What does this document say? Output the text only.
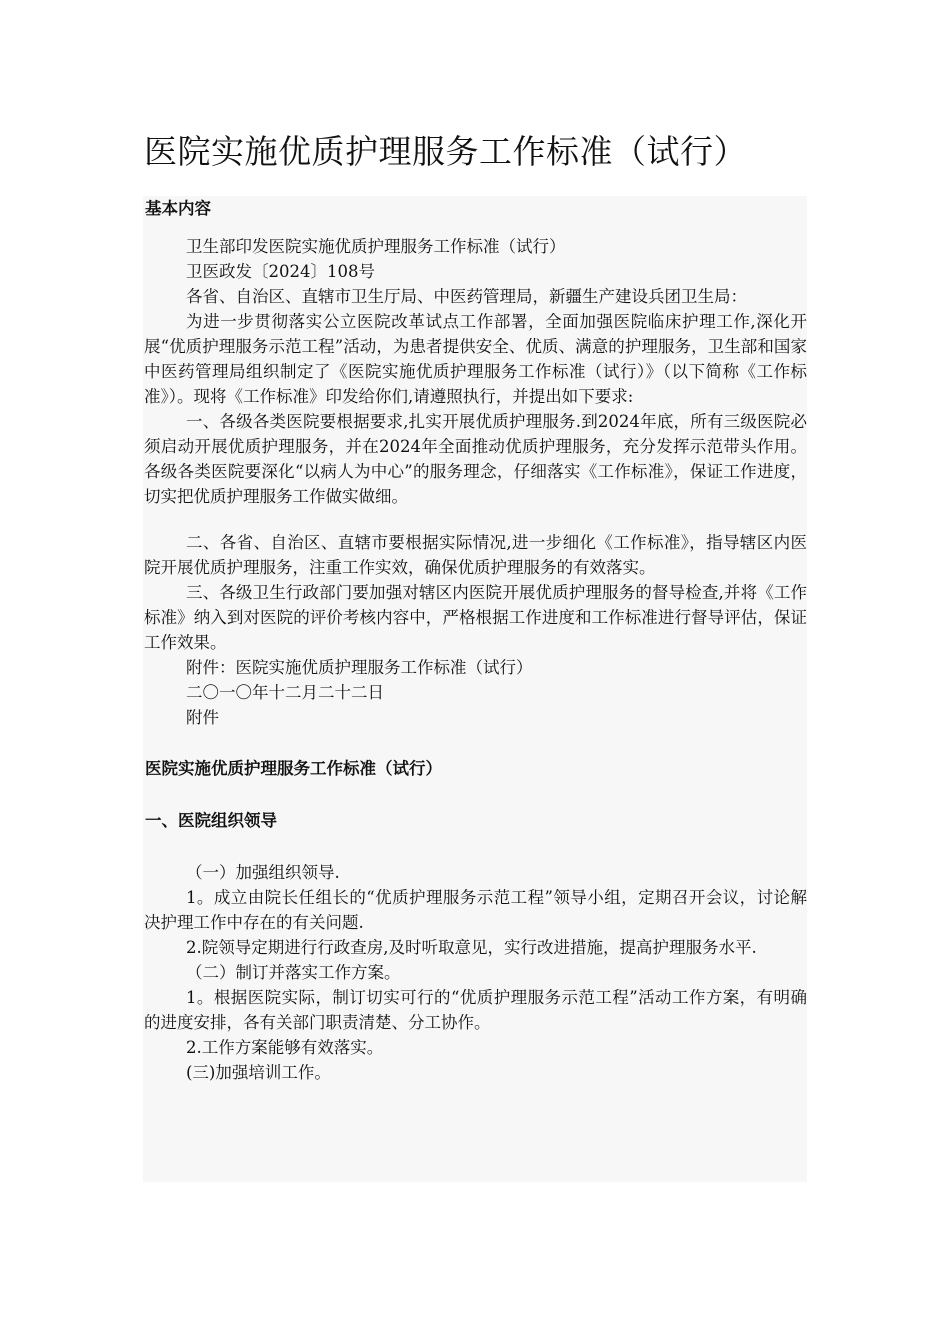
医院实施优质护理服务工作标准（试行）
基本内容

卫生部印发医院实施优质护理服务工作标准（试行）

卫医政发〔2024〕108号

各省、自治区、直辖市卫生厅局、中医药管理局，新疆生产建设兵团卫生局：

为进一步贯彻落实公立医院改革试点工作部署，全面加强医院临床护理工作,深化开展“优质护理服务示范工程”活动，为患者提供安全、优质、满意的护理服务，卫生部和国家中医药管理局组织制定了《医院实施优质护理服务工作标准（试行）》（以下简称《工作标准》）。现将《工作标准》印发给你们,请遵照执行，并提出如下要求:

一、各级各类医院要根据要求,扎实开展优质护理服务.到2024年底，所有三级医院必须启动开展优质护理服务，并在2024年全面推动优质护理服务，充分发挥示范带头作用。各级各类医院要深化“以病人为中心”的服务理念，仔细落实《工作标准》，保证工作进度，切实把优质护理服务工作做实做细。

二、各省、自治区、直辖市要根据实际情况,进一步细化《工作标准》，指导辖区内医院开展优质护理服务，注重工作实效，确保优质护理服务的有效落实。

三、各级卫生行政部门要加强对辖区内医院开展优质护理服务的督导检查,并将《工作标准》纳入到对医院的评价考核内容中，严格根据工作进度和工作标准进行督导评估，保证工作效果。

附件：医院实施优质护理服务工作标准（试行）

二〇一〇年十二月二十二日

附件

医院实施优质护理服务工作标准（试行）
一、医院组织领导

（一）加强组织领导.

1。成立由院长任组长的“优质护理服务示范工程”领导小组，定期召开会议，讨论解决护理工作中存在的有关问题.

2.院领导定期进行行政查房,及时听取意见，实行改进措施，提高护理服务水平.

（二）制订并落实工作方案。

1。根据医院实际，制订切实可行的“优质护理服务示范工程”活动工作方案，有明确的进度安排，各有关部门职责清楚、分工协作。

2.工作方案能够有效落实。

(三)加强培训工作。
